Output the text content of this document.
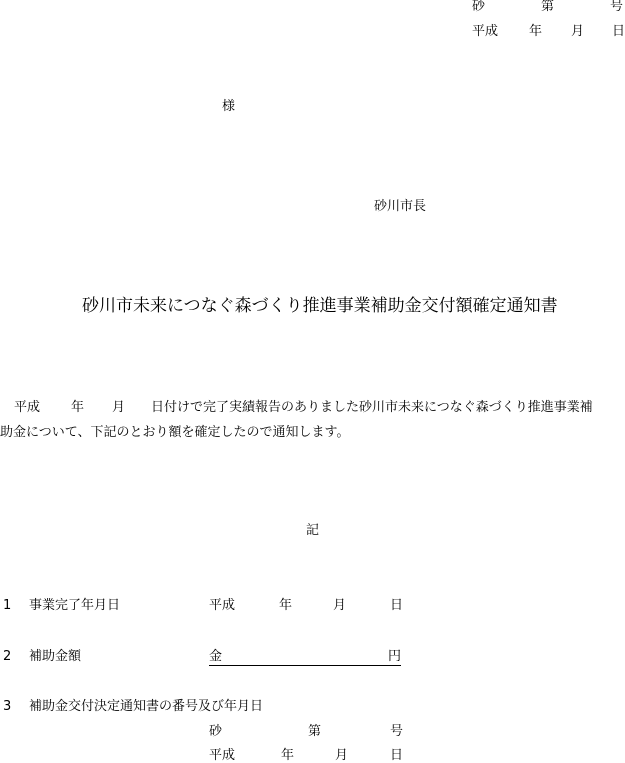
砂	第	号
平成 年 月 日
様
砂川市長
砂川市未来につなぐ森づくり推進事業補助金交付額確定通知書
平成 年 月 日付けで完了実績報告のありました砂川市未来につなぐ森づくり推進事業補
助金について、下記のとおり額を確定したので通知します。
記
1 事業完了年月日	平成	年	月	日
2 補助金額	金	円
3 補助金交付決定通知書の番号及び年月日
砂	第	号
平成	年	月	日
